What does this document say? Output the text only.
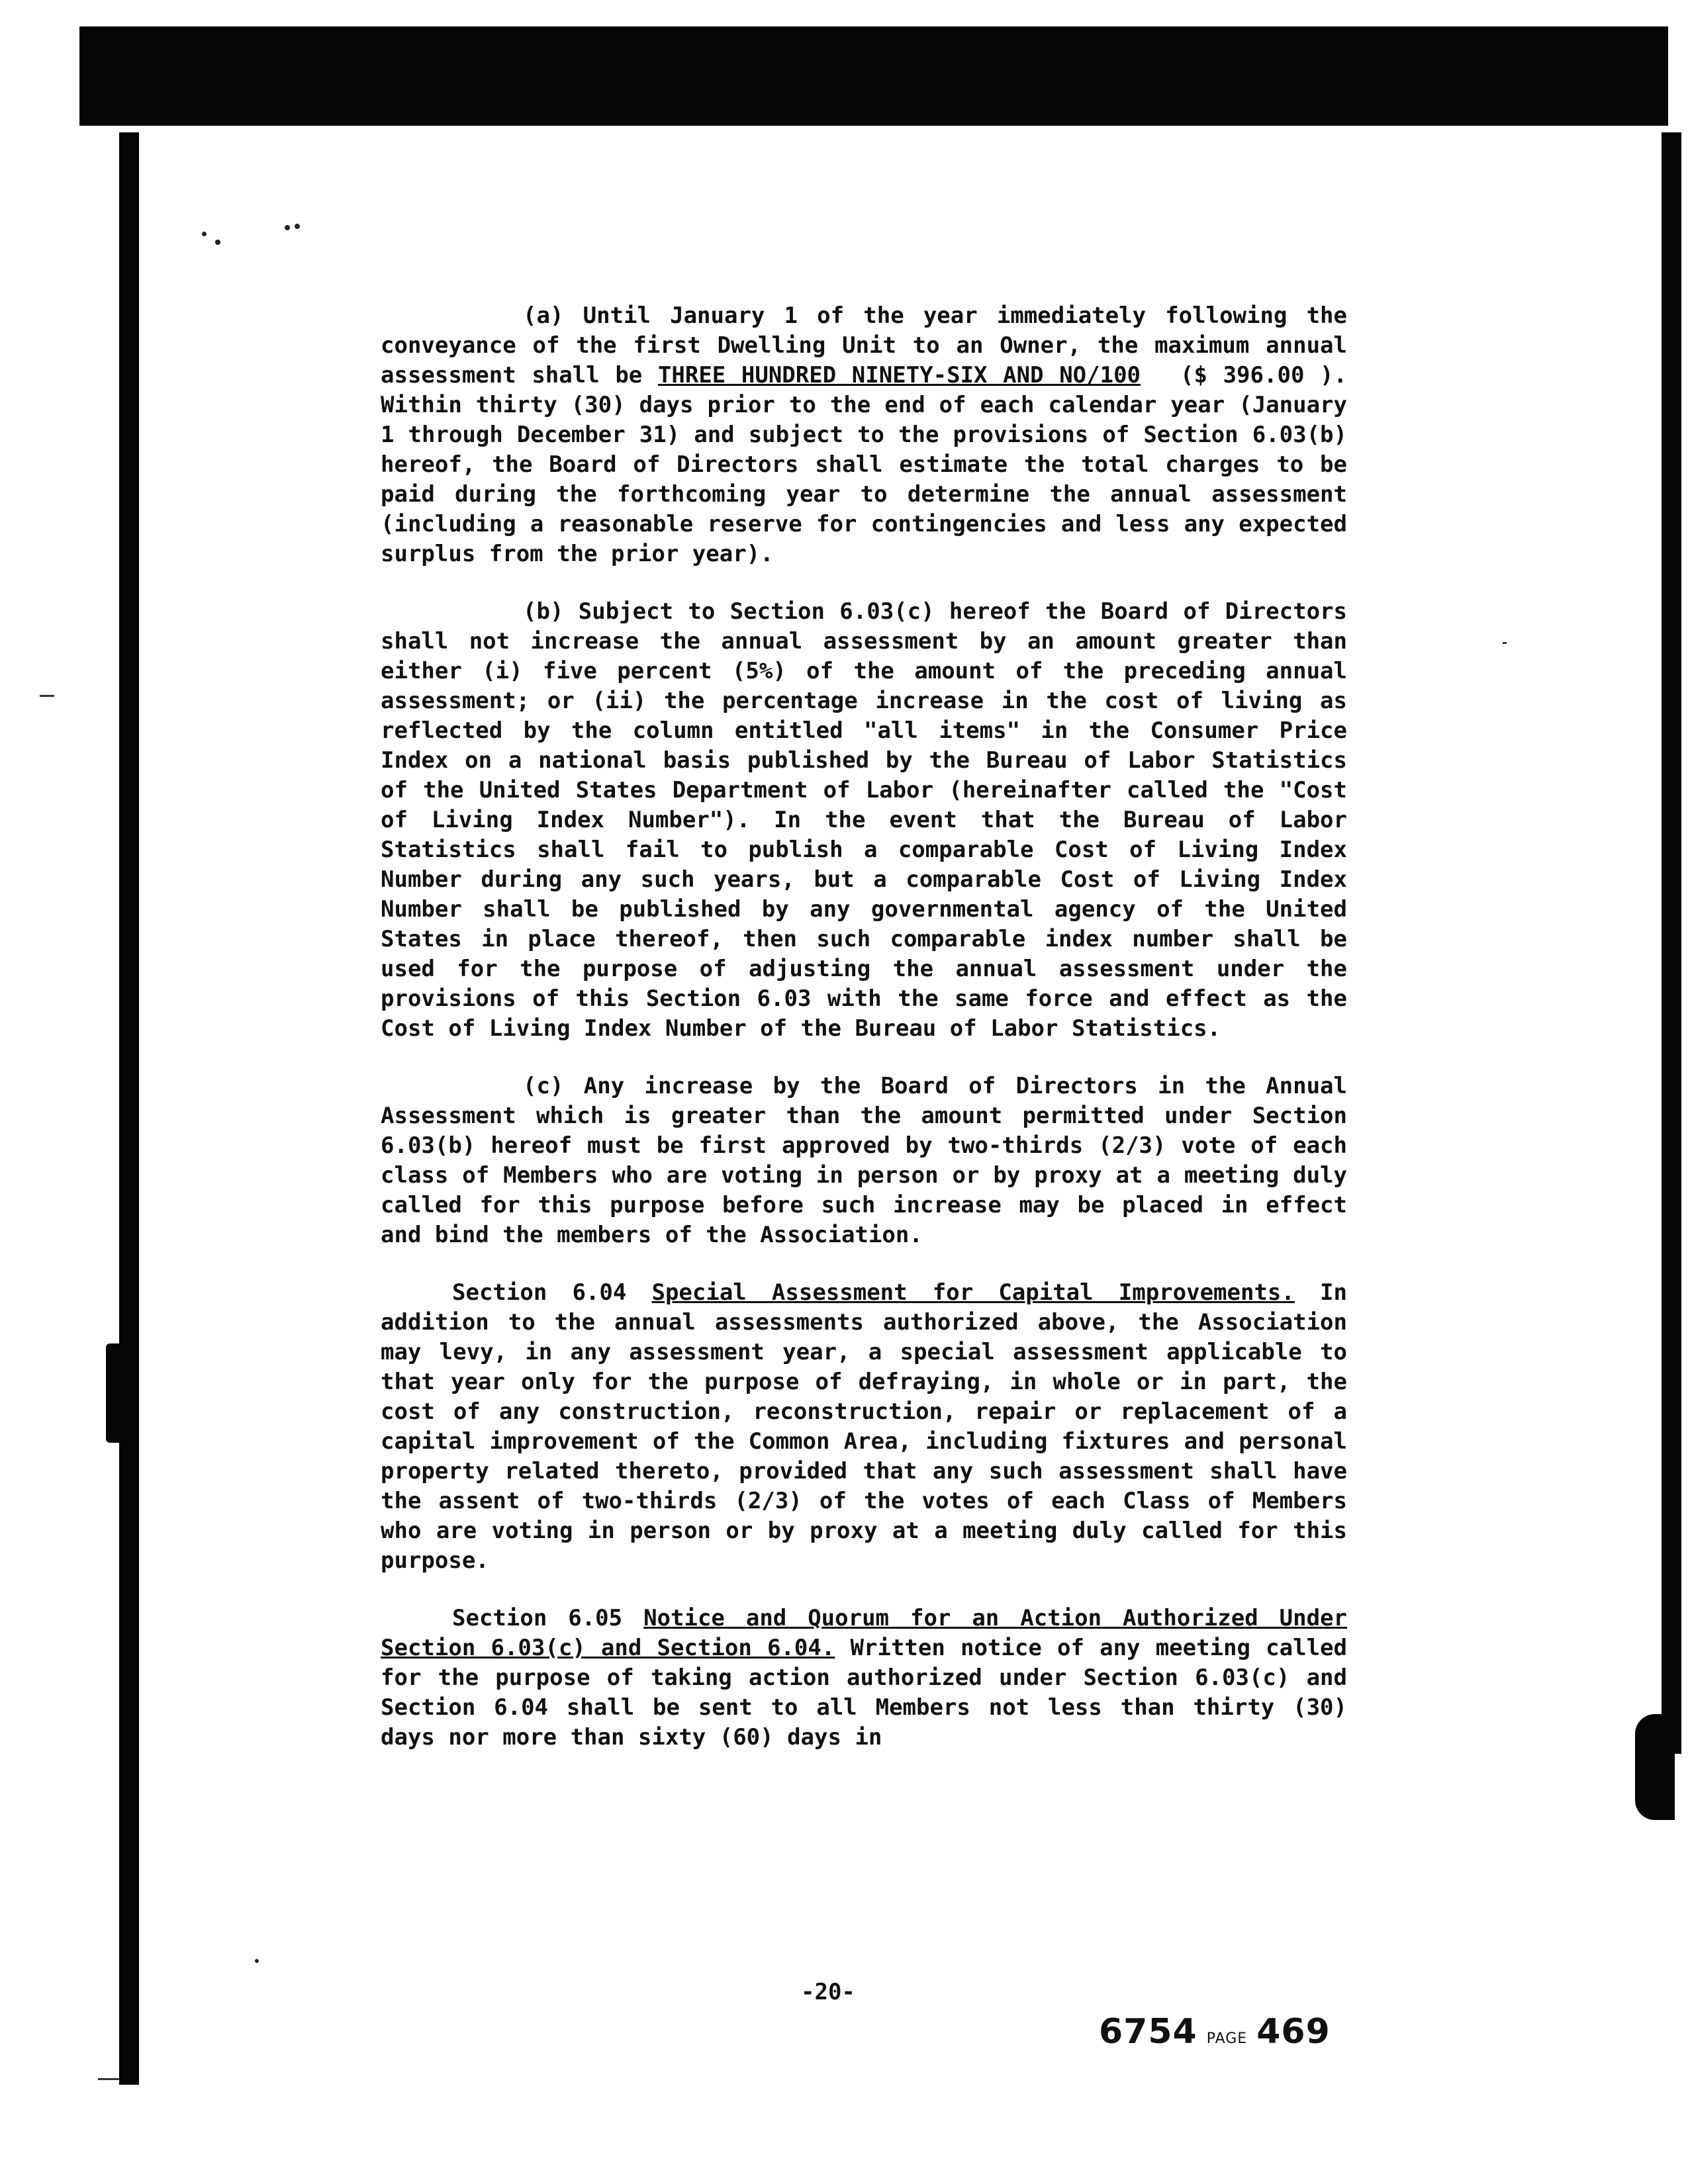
(a) Until January 1 of the year immediately following the conveyance of the first Dwelling Unit to an Owner, the maximum annual assessment shall be THREE HUNDRED NINETY-SIX AND NO/100 ($ 396.00 ). Within thirty (30) days prior to the end of each calendar year (January 1 through December 31) and subject to the provisions of Section 6.03(b) hereof, the Board of Directors shall estimate the total charges to be paid during the forthcoming year to determine the annual assessment (including a reasonable reserve for contingencies and less any expected surplus from the prior year).

(b) Subject to Section 6.03(c) hereof the Board of Directors shall not increase the annual assessment by an amount greater than either (i) five percent (5%) of the amount of the preceding annual assessment; or (ii) the percentage increase in the cost of living as reflected by the column entitled "all items" in the Consumer Price Index on a national basis published by the Bureau of Labor Statistics of the United States Department of Labor (hereinafter called the "Cost of Living Index Number"). In the event that the Bureau of Labor Statistics shall fail to publish a comparable Cost of Living Index Number during any such years, but a comparable Cost of Living Index Number shall be published by any governmental agency of the United States in place thereof, then such comparable index number shall be used for the purpose of adjusting the annual assessment under the provisions of this Section 6.03 with the same force and effect as the Cost of Living Index Number of the Bureau of Labor Statistics.

(c) Any increase by the Board of Directors in the Annual Assessment which is greater than the amount permitted under Section 6.03(b) hereof must be first approved by two-thirds (2/3) vote of each class of Members who are voting in person or by proxy at a meeting duly called for this purpose before such increase may be placed in effect and bind the members of the Association.

Section 6.04 Special Assessment for Capital Improvements. In addition to the annual assessments authorized above, the Association may levy, in any assessment year, a special assessment applicable to that year only for the purpose of defraying, in whole or in part, the cost of any construction, reconstruction, repair or replacement of a capital improvement of the Common Area, including fixtures and personal property related thereto, provided that any such assessment shall have the assent of two-thirds (2/3) of the votes of each Class of Members who are voting in person or by proxy at a meeting duly called for this purpose.

Section 6.05 Notice and Quorum for an Action Authorized Under Section 6.03(c) and Section 6.04. Written notice of any meeting called for the purpose of taking action authorized under Section 6.03(c) and Section 6.04 shall be sent to all Members not less than thirty (30) days nor more than sixty (60) days in

-20-
6754 PAGE 469
